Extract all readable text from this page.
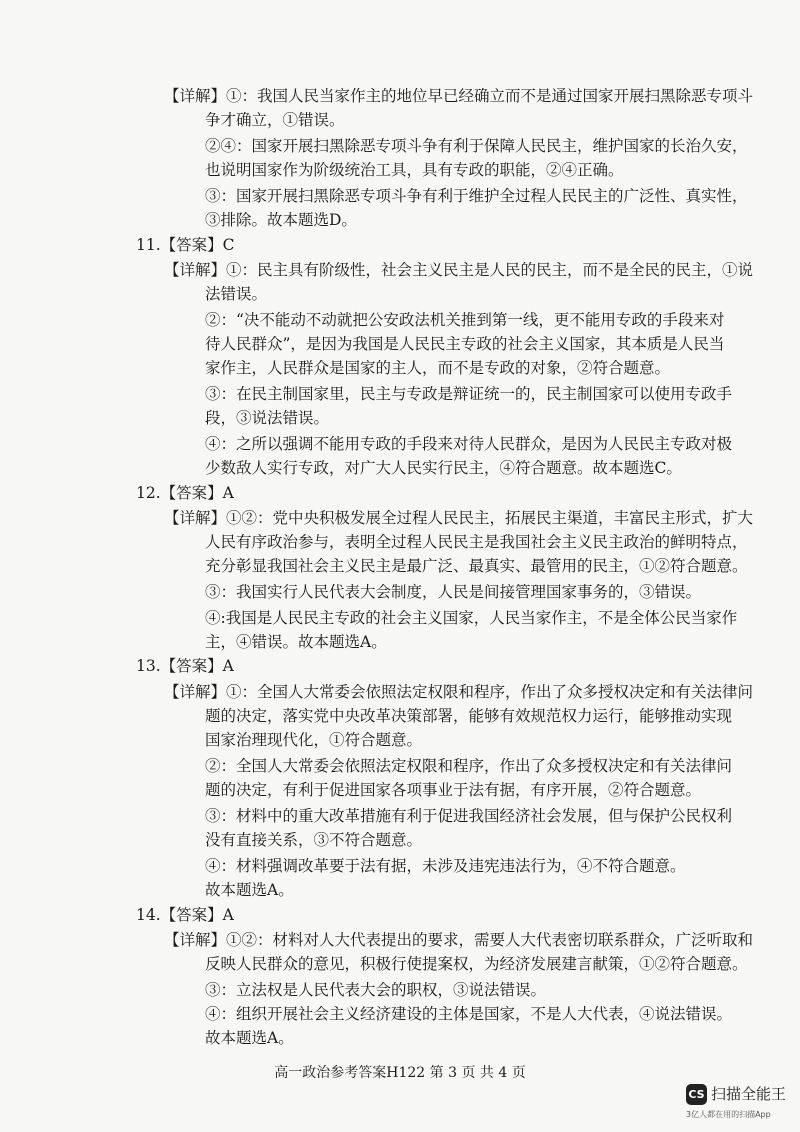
【详解】①：我国人民当家作主的地位早已经确立而不是通过国家开展扫黑除恶专项斗

争才确立，①错误。

②④：国家开展扫黑除恶专项斗争有利于保障人民民主，维护国家的长治久安，

也说明国家作为阶级统治工具，具有专政的职能，②④正确。

③：国家开展扫黑除恶专项斗争有利于维护全过程人民民主的广泛性、真实性，

③排除。故本题选D。

11.【答案】C

【详解】①：民主具有阶级性，社会主义民主是人民的民主，而不是全民的民主，①说

法错误。

②：“决不能动不动就把公安政法机关推到第一线，更不能用专政的手段来对

待人民群众”，是因为我国是人民民主专政的社会主义国家，其本质是人民当

家作主，人民群众是国家的主人，而不是专政的对象，②符合题意。

③：在民主制国家里，民主与专政是辩证统一的，民主制国家可以使用专政手

段，③说法错误。

④：之所以强调不能用专政的手段来对待人民群众，是因为人民民主专政对极

少数敌人实行专政，对广大人民实行民主，④符合题意。故本题选C。

12.【答案】A

【详解】①②：党中央积极发展全过程人民民主，拓展民主渠道，丰富民主形式，扩大

人民有序政治参与，表明全过程人民民主是我国社会主义民主政治的鲜明特点，

充分彰显我国社会主义民主是最广泛、最真实、最管用的民主，①②符合题意。

③：我国实行人民代表大会制度，人民是间接管理国家事务的，③错误。

④:我国是人民民主专政的社会主义国家，人民当家作主，不是全体公民当家作

主，④错误。故本题选A。

13.【答案】A

【详解】①：全国人大常委会依照法定权限和程序，作出了众多授权决定和有关法律问

题的决定，落实党中央改革决策部署，能够有效规范权力运行，能够推动实现

国家治理现代化，①符合题意。

②：全国人大常委会依照法定权限和程序，作出了众多授权决定和有关法律问

题的决定，有利于促进国家各项事业于法有据，有序开展，②符合题意。

③：材料中的重大改革措施有利于促进我国经济社会发展，但与保护公民权利

没有直接关系，③不符合题意。

④：材料强调改革要于法有据，未涉及违宪违法行为，④不符合题意。

故本题选A。

14.【答案】A

【详解】①②：材料对人大代表提出的要求，需要人大代表密切联系群众，广泛听取和

反映人民群众的意见，积极行使提案权，为经济发展建言献策，①②符合题意。

③：立法权是人民代表大会的职权，③说法错误。

④：组织开展社会主义经济建设的主体是国家，不是人大代表，④说法错误。

故本题选A。

高一政治参考答案H122 第 3 页 共 4 页
CS 扫描全能王
3亿人都在用的扫描App
